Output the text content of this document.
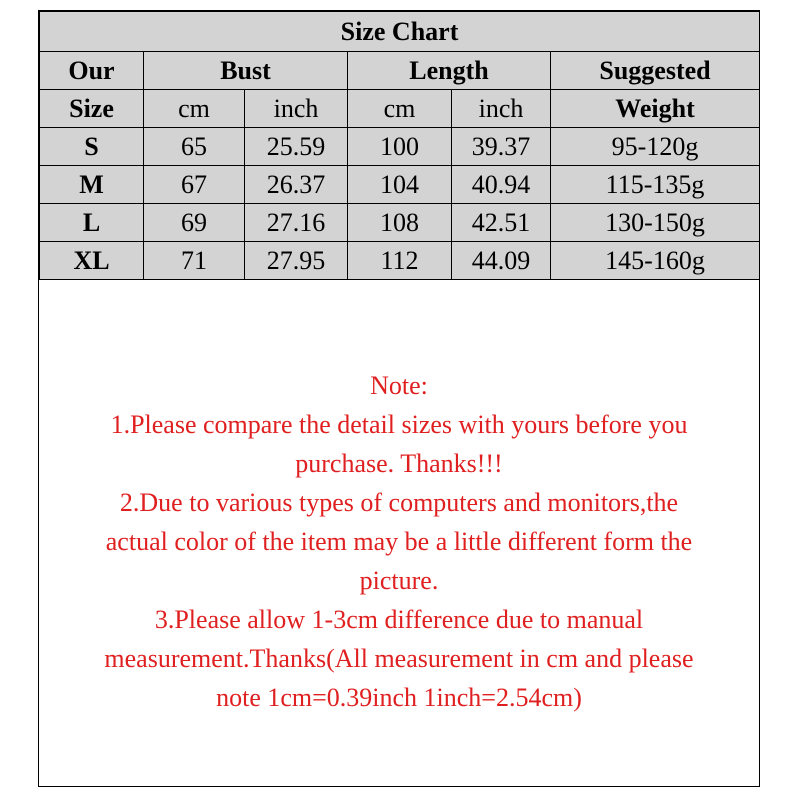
Size Chart					
Our	Bust		Length		Suggested
Size	cm	inch	cm	inch	Weight
S	65	25.59	100	39.37	95-120g
M	67	26.37	104	40.94	115-135g
L	69	27.16	108	42.51	130-150g
XL	71	27.95	112	44.09	145-160g

Note:

1.Please compare the detail sizes with yours before you

purchase. Thanks!!!

2.Due to various types of computers and monitors,the

actual color of the item may be a little different form the

picture.

3.Please allow 1-3cm difference due to manual

measurement.Thanks(All measurement in cm and please

note 1cm=0.39inch 1inch=2.54cm)
